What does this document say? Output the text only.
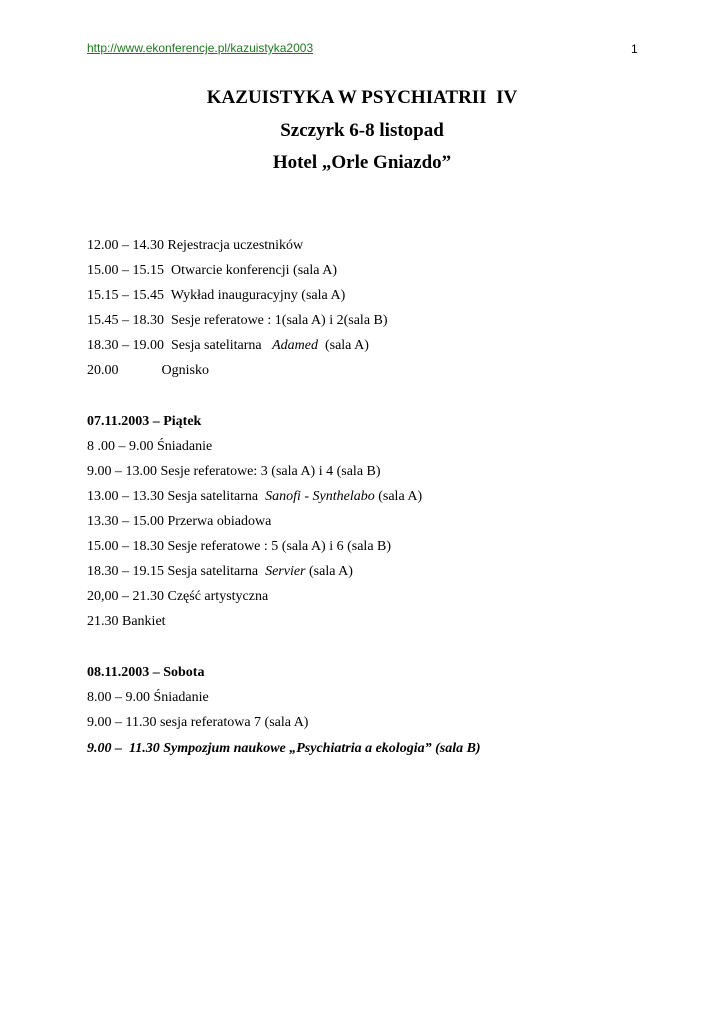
http://www.ekonferencje.pl/kazuistyka2003	1
KAZUISTYKA W PSYCHIATRII  IV
Szczyrk 6-8 listopad
Hotel „Orle Gniazdo”
12.00 – 14.30 Rejestracja uczestników
15.00 – 15.15  Otwarcie konferencji (sala A)
15.15 – 15.45  Wykład inauguracyjny (sala A)
15.45 – 18.30  Sesje referatowe : 1(sala A) i 2(sala B)
18.30 – 19.00  Sesja satelitarna   Adamed  (sala A)
20.00	Ognisko
07.11.2003 – Piątek
8 .00 – 9.00 Śniadanie
9.00 – 13.00 Sesje referatowe: 3 (sala A) i 4 (sala B)
13.00 – 13.30 Sesja satelitarna  Sanofi - Synthelabo (sala A)
13.30 – 15.00 Przerwa obiadowa
15.00 – 18.30 Sesje referatowe : 5 (sala A) i 6 (sala B)
18.30 – 19.15 Sesja satelitarna  Servier (sala A)
20,00 – 21.30 Część artystyczna
21.30 Bankiet
08.11.2003 – Sobota
8.00 – 9.00 Śniadanie
9.00 – 11.30 sesja referatowa 7 (sala A)
9.00 –  11.30 Sympozjum naukowe „Psychiatria a ekologia” (sala B)
